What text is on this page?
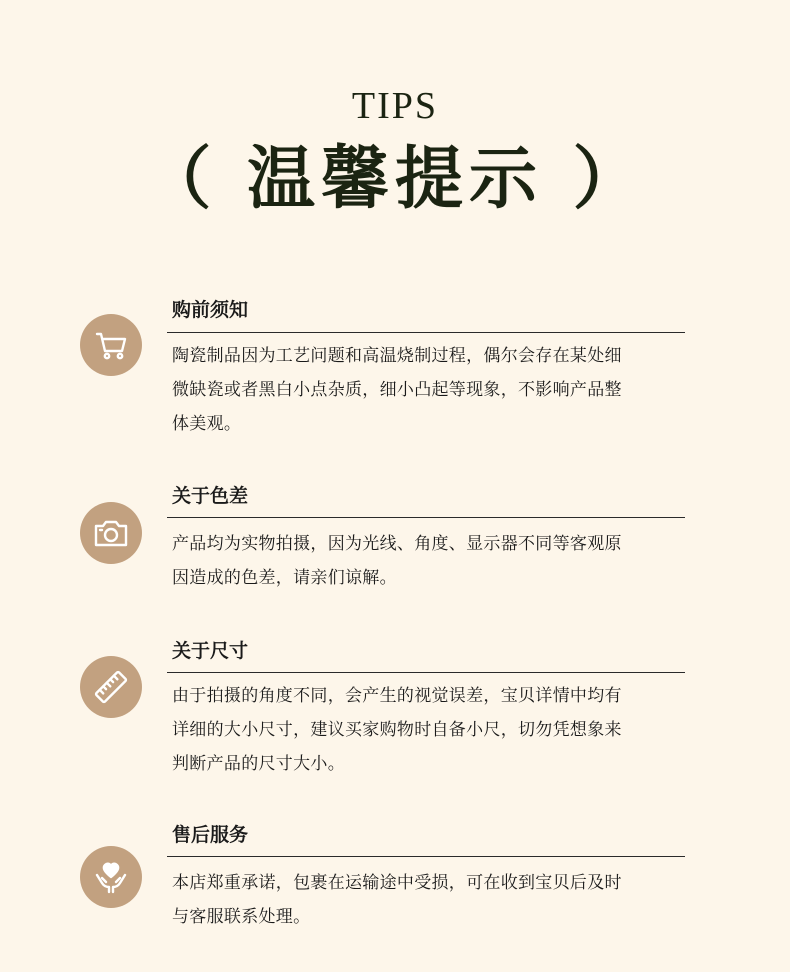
TIPS
（ 温馨提示 ）
购前须知
陶瓷制品因为工艺问题和高温烧制过程，偶尔会存在某处细
微缺瓷或者黑白小点杂质，细小凸起等现象，不影响产品整
体美观。
关于色差
产品均为实物拍摄，因为光线、角度、显示器不同等客观原
因造成的色差，请亲们谅解。
关于尺寸
由于拍摄的角度不同，会产生的视觉误差，宝贝详情中均有
详细的大小尺寸，建议买家购物时自备小尺，切勿凭想象来
判断产品的尺寸大小。
售后服务
本店郑重承诺，包裹在运输途中受损，可在收到宝贝后及时
与客服联系处理。
